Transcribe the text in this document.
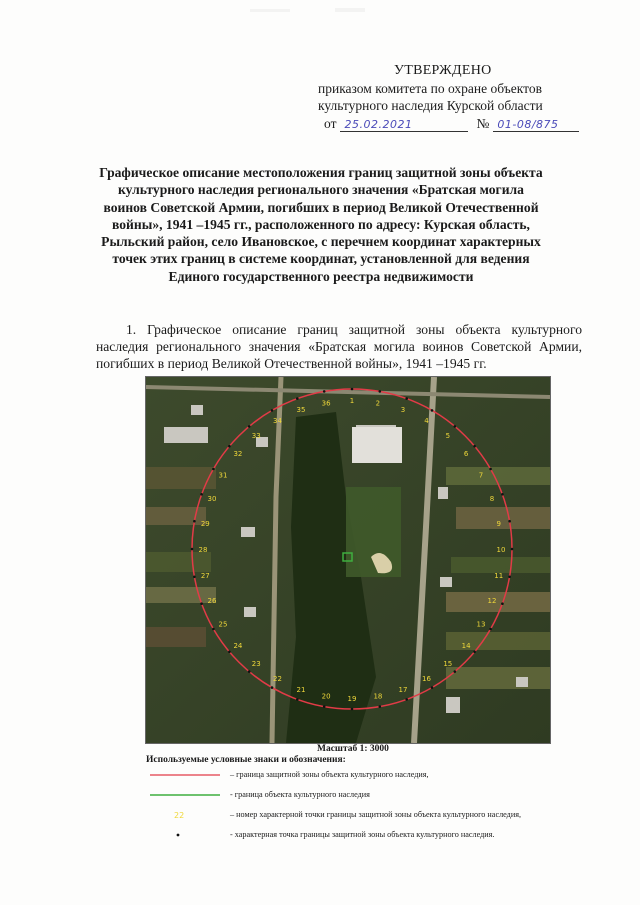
УТВЕРЖДЕНО
приказом комитета по охране объектов
культурного наследия Курской области
от 25.02.2021	№ 01-08/875
Графическое описание местоположения границ защитной зоны объекта культурного наследия регионального значения «Братская могила воинов Советской Армии, погибших в период Великой Отечественной войны», 1941 –1945 гг., расположенного по адресу: Курская область, Рыльский район, село Ивановское, с перечнем координат характерных точек этих границ в системе координат, установленной для ведения Единого государственного реестра недвижимости
1. Графическое описание границ защитной зоны объекта культурного наследия регионального значения «Братская могила воинов Советской Армии, погибших в период Великой Отечественной войны», 1941 –1945 гг.
1	2
3
4
5
6
7
8
9
10
11
12
13
14
15
16
17
18
19
20
21
22
23
24
25
26
27
28
29
30
31
32
33
34
35
36
Масштаб 1: 3000
Используемые условные знаки и обозначения:
– граница защитной зоны объекта культурного наследия,
- граница объекта культурного наследия
22	– номер характерной точки границы защитной зоны объекта культурного наследия,
- характерная точка границы защитной зоны объекта культурного наследия.
